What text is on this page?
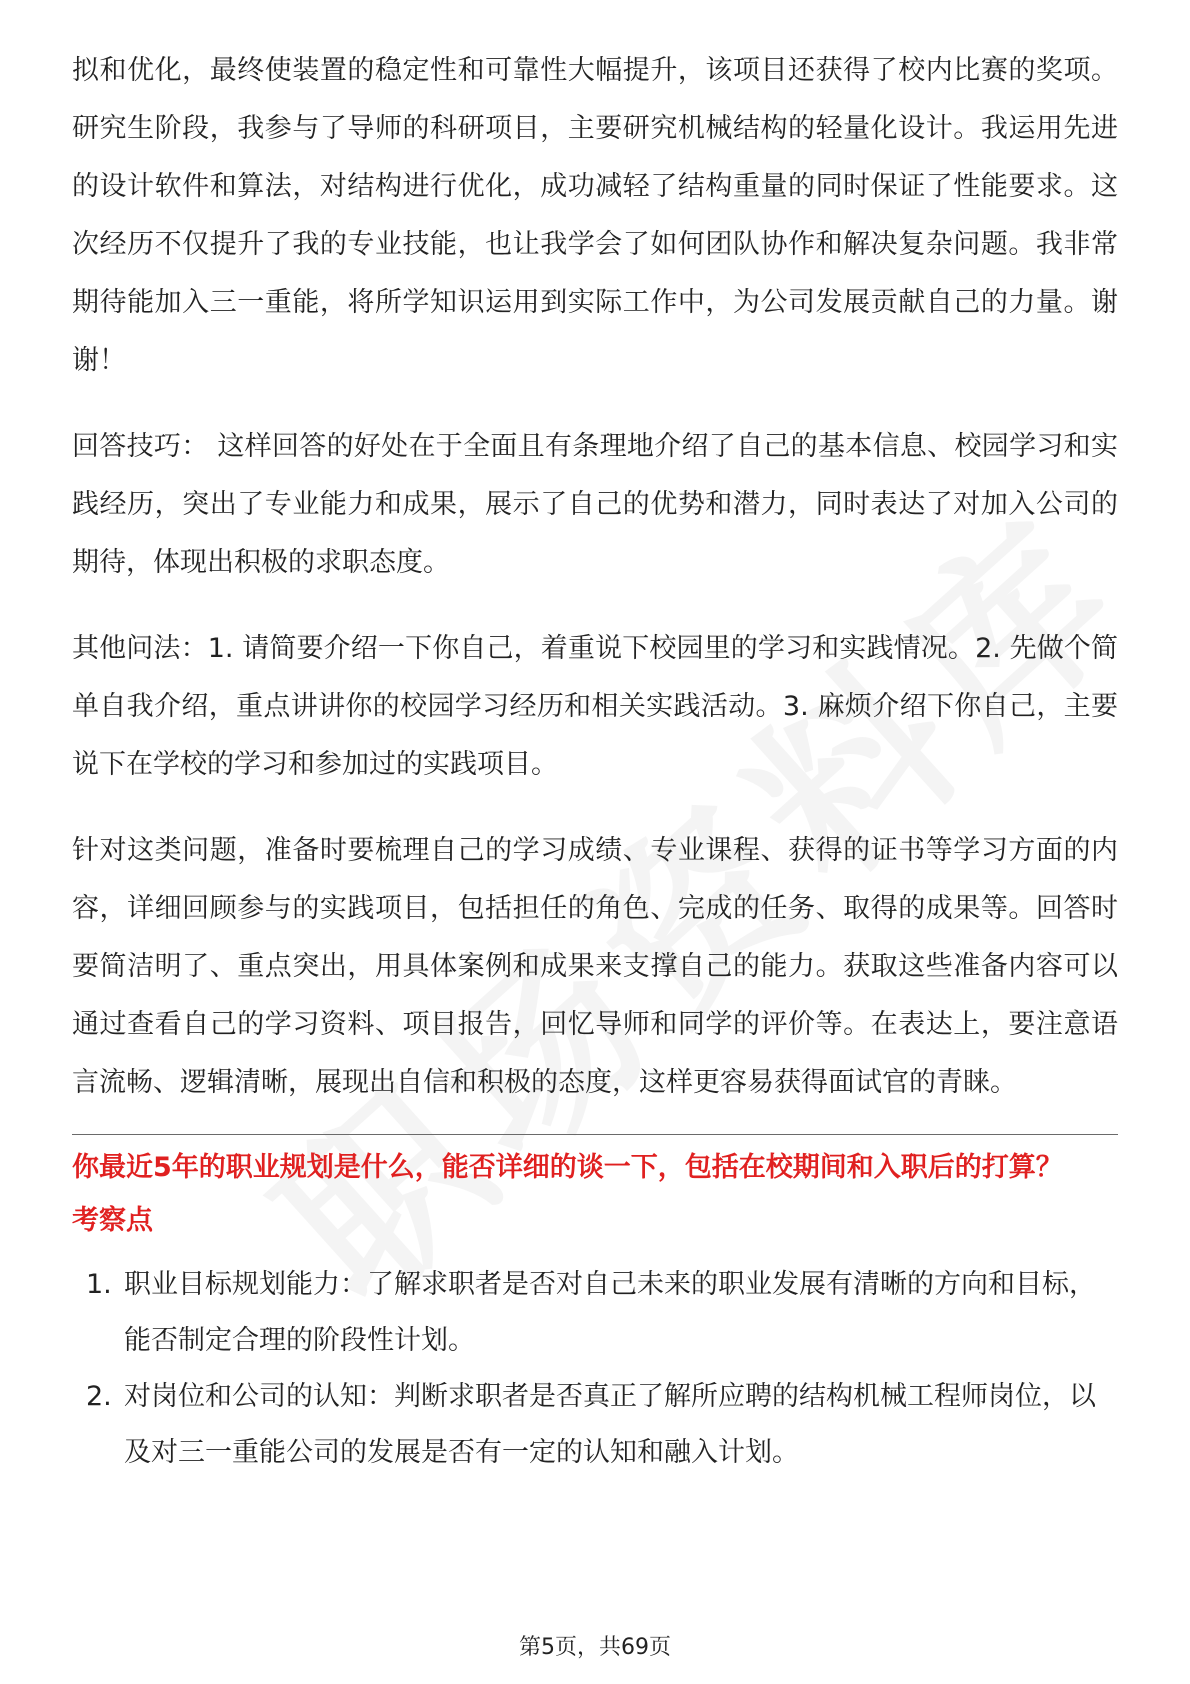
拟和优化，最终使装置的稳定性和可靠性大幅提升，该项目还获得了校内比赛的奖项。研究生阶段，我参与了导师的科研项目，主要研究机械结构的轻量化设计。我运用先进的设计软件和算法，对结构进行优化，成功减轻了结构重量的同时保证了性能要求。这次经历不仅提升了我的专业技能，也让我学会了如何团队协作和解决复杂问题。我非常期待能加入三一重能，将所学知识运用到实际工作中，为公司发展贡献自己的力量。谢谢！

回答技巧： 这样回答的好处在于全面且有条理地介绍了自己的基本信息、校园学习和实践经历，突出了专业能力和成果，展示了自己的优势和潜力，同时表达了对加入公司的期待，体现出积极的求职态度。

其他问法：1. 请简要介绍一下你自己，着重说下校园里的学习和实践情况。2. 先做个简单自我介绍，重点讲讲你的校园学习经历和相关实践活动。3. 麻烦介绍下你自己，主要说下在学校的学习和参加过的实践项目。

针对这类问题，准备时要梳理自己的学习成绩、专业课程、获得的证书等学习方面的内容，详细回顾参与的实践项目，包括担任的角色、完成的任务、取得的成果等。回答时要简洁明了、重点突出，用具体案例和成果来支撑自己的能力。获取这些准备内容可以通过查看自己的学习资料、项目报告，回忆导师和同学的评价等。在表达上，要注意语言流畅、逻辑清晰，展现出自信和积极的态度，这样更容易获得面试官的青睐。

你最近5年的职业规划是什么，能否详细的谈一下，包括在校期间和入职后的打算？
考察点
1. 职业目标规划能力：了解求职者是否对自己未来的职业发展有清晰的方向和目标，能否制定合理的阶段性计划。
2. 对岗位和公司的认知：判断求职者是否真正了解所应聘的结构机械工程师岗位，以及对三一重能公司的发展是否有一定的认知和融入计划。
第5页，共69页
